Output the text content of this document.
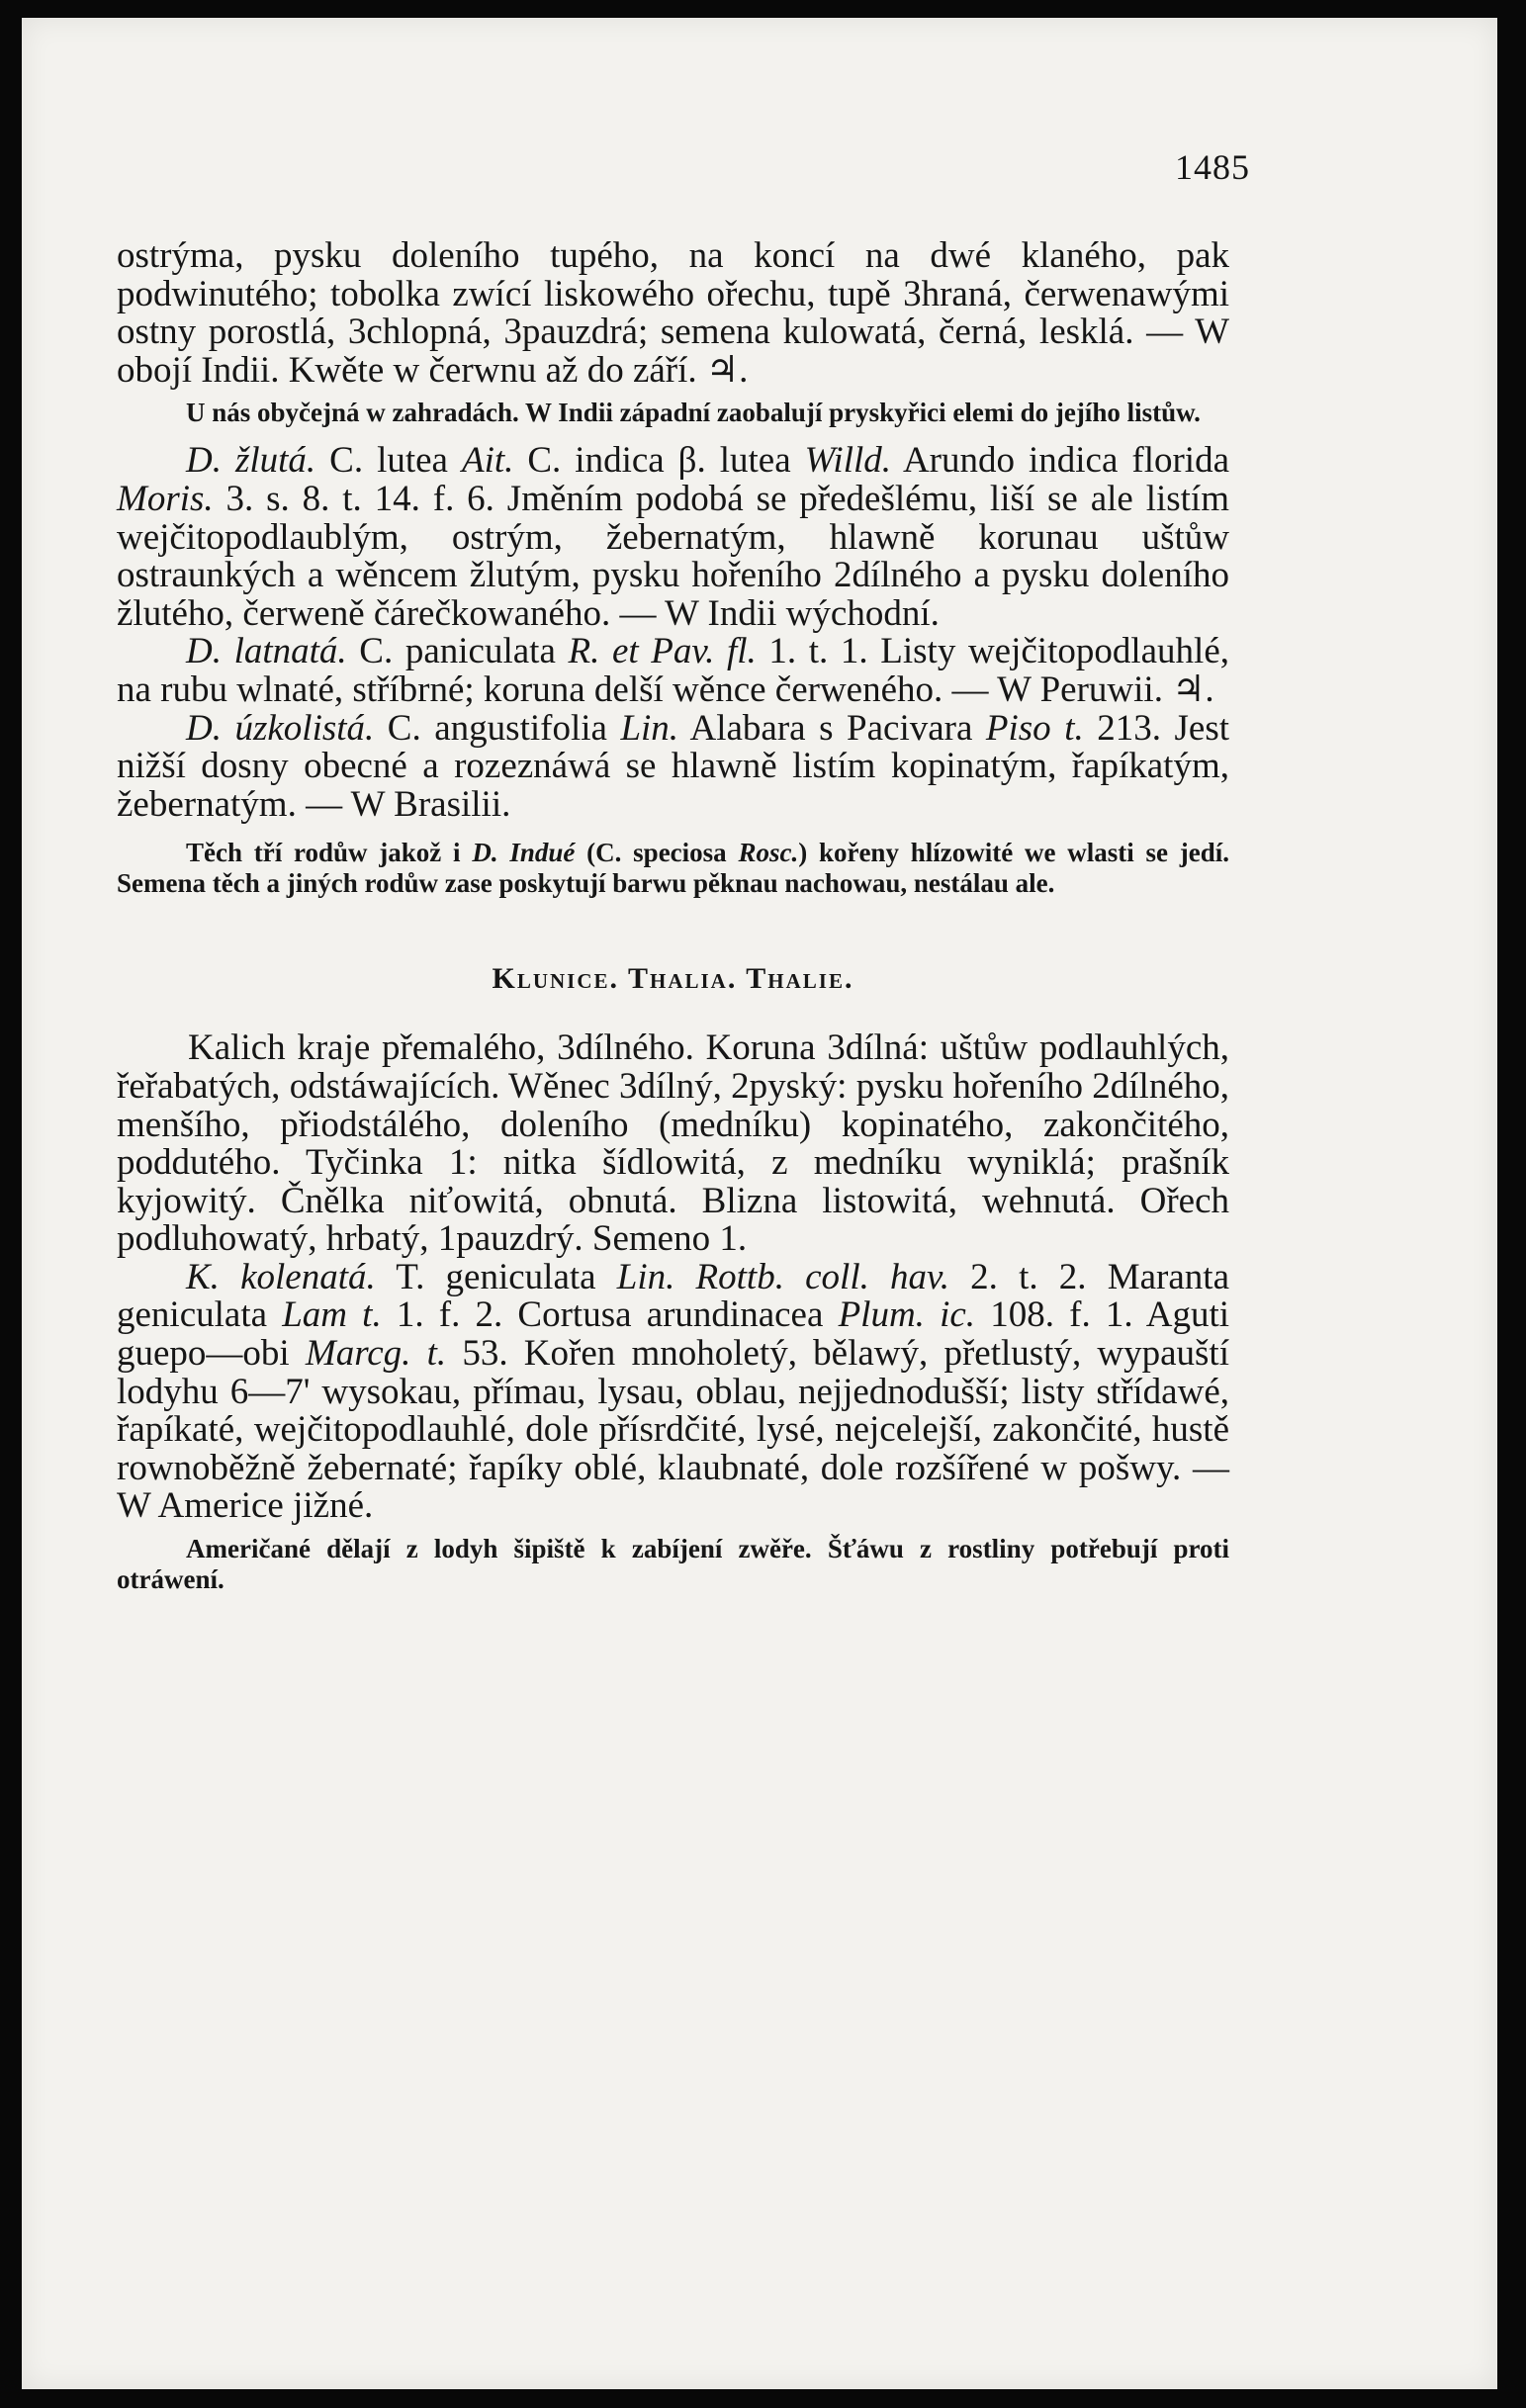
1485

ostrýma, pysku doleního tupého, na koncí na dwé klaného, pak podwinutého; tobolka zwící liskowého ořechu, tupě 3hraná, čerwenawými ostny porostlá, 3chlopná, 3pauzdrá; semena kulowatá, černá, lesklá. — W obojí Indii. Kwěte w čerwnu až do září. ♃.

U nás obyčejná w zahradách. W Indii západní zaobalují pryskyřici elemi do jejího listůw.

D. žlutá. C. lutea Ait. C. indica β. lutea Willd. Arundo indica florida Moris. 3. s. 8. t. 14. f. 6. Jměním podobá se předešlému, liší se ale listím wejčitopodlaublým, ostrým, žebernatým, hlawně korunau uštůw ostraunkých a wěncem žlutým, pysku hořeního 2dílného a pysku doleního žlutého, čerweně čárečkowaného. — W Indii wýchodní.

D. latnatá. C. paniculata R. et Pav. fl. 1. t. 1. Listy wejčitopodlauhlé, na rubu wlnaté, stříbrné; koruna delší wěnce čerweného. — W Peruwii. ♃.

D. úzkolistá. C. angustifolia Lin. Alabara s Pacivara Piso t. 213. Jest nižší dosny obecné a rozeznáwá se hlawně listím kopinatým, řapíkatým, žebernatým. — W Brasilii.

Těch tří rodůw jakož i D. Indué (C. speciosa Rosc.) kořeny hlízowité we wlasti se jedí. Semena těch a jiných rodůw zase poskytují barwu pěknau nachowau, nestálau ale.

Klunice. Thalia. Thalie.

Kalich kraje přemalého, 3dílného. Koruna 3dílná: uštůw podlauhlých, řeřabatých, odstáwajících. Wěnec 3dílný, 2pyský: pysku hořeního 2dílného, menšího, přiodstálého, doleního (medníku) kopinatého, zakončitého, poddutého. Tyčinka 1: nitka šídlowitá, z medníku wyniklá; prašník kyjowitý. Čnělka niťowitá, obnutá. Blizna listowitá, wehnutá. Ořech podluhowatý, hrbatý, 1pauzdrý. Semeno 1.

K. kolenatá. T. geniculata Lin. Rottb. coll. hav. 2. t. 2. Maranta geniculata Lam t. 1. f. 2. Cortusa arundinacea Plum. ic. 108. f. 1. Aguti guepo—obi Marcg. t. 53. Kořen mnoholetý, bělawý, přetlustý, wypauští lodyhu 6—7' wysokau, přímau, lysau, oblau, nejjednodušší; listy střídawé, řapíkaté, wejčitopodlauhlé, dole přísrdčité, lysé, nejcelejší, zakončité, hustě rownoběžně žebernaté; řapíky oblé, klaubnaté, dole rozšířené w pošwy. — W Americe jižné.

Američané dělají z lodyh šipiště k zabíjení zwěře. Šťáwu z rostliny potřebují proti otráwení.
